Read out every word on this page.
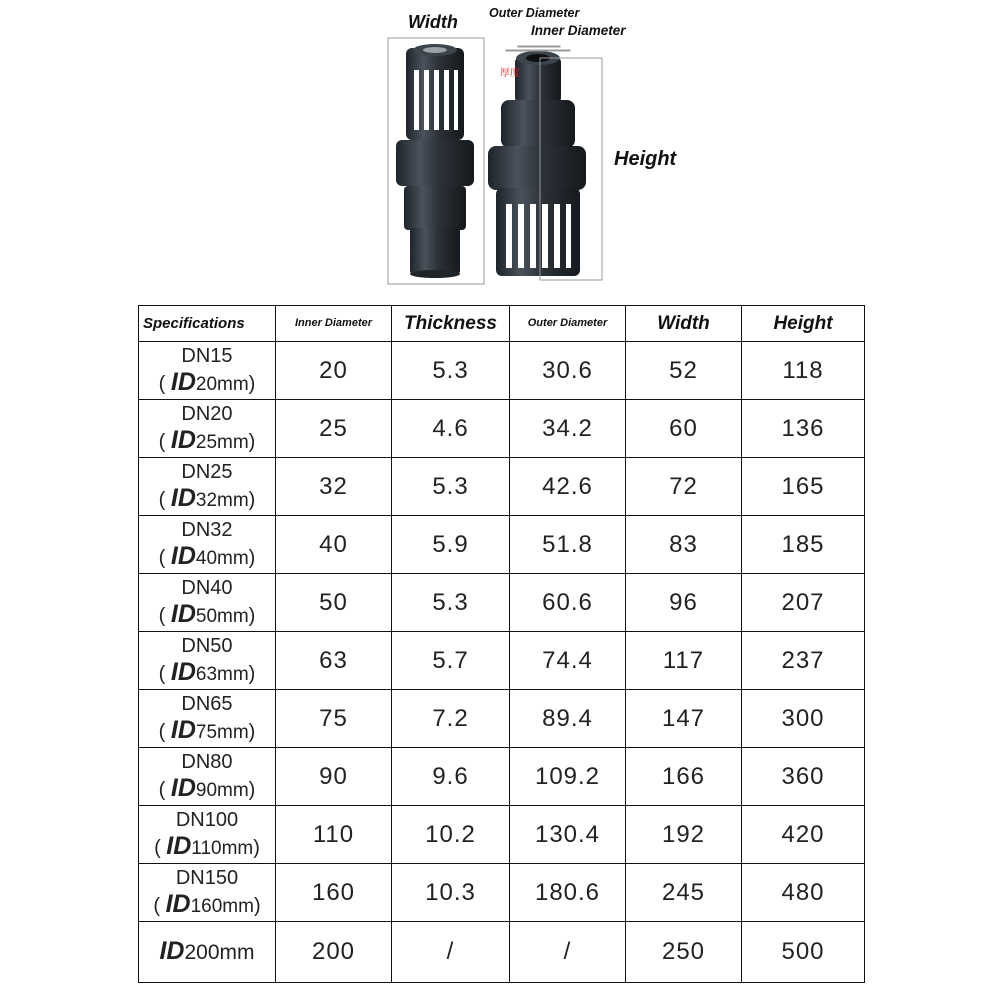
Width Outer Diameter
Inner Diameter
Height
厚度
Specifications	Inner Diameter	Thickness	Outer Diameter	Width	Height

DN15
( ID20mm)	20	5.3	30.6	52	118

DN20
( ID25mm)	25	4.6	34.2	60	136

DN25
( ID32mm)	32	5.3	42.6	72	165

DN32
( ID40mm)	40	5.9	51.8	83	185

DN40
( ID50mm)	50	5.3	60.6	96	207

DN50
( ID63mm)	63	5.7	74.4	117	237

DN65
( ID75mm)	75	7.2	89.4	147	300

DN80
( ID90mm)	90	9.6	109.2	166	360

DN100
( ID110mm)	110	10.2	130.4	192	420

DN150
( ID160mm)	160	10.3	180.6	245	480
ID200mm	200	/	/	250	500
